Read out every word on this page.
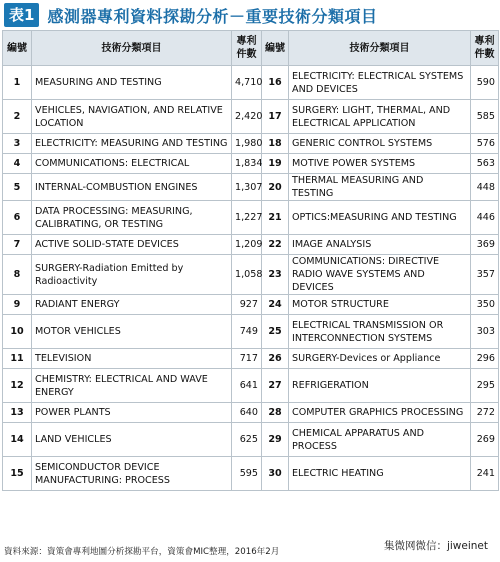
表1 感測器專利資料探勘分析－重要技術分類項目
編號	技術分類項目	專利件數	編號	技術分類項目	專利件數
1	MEASURING AND TESTING	4,710	16	ELECTRICITY: ELECTRICAL SYSTEMS AND DEVICES	590
2	VEHICLES, NAVIGATION, AND RELATIVE LOCATION	2,420	17	SURGERY: LIGHT, THERMAL, AND ELECTRICAL APPLICATION	585
3	ELECTRICITY: MEASURING AND TESTING	1,980	18	GENERIC CONTROL SYSTEMS	576
4	COMMUNICATIONS: ELECTRICAL	1,834	19	MOTIVE POWER SYSTEMS	563
5	INTERNAL-COMBUSTION ENGINES	1,307	20	THERMAL MEASURING AND TESTING	448
6	DATA PROCESSING: MEASURING, CALIBRATING, OR TESTING	1,227	21	OPTICS:MEASURING AND TESTING	446
7	ACTIVE SOLID-STATE DEVICES	1,209	22	IMAGE ANALYSIS	369
8	SURGERY-Radiation Emitted by Radioactivity	1,058	23	COMMUNICATIONS: DIRECTIVE RADIO WAVE SYSTEMS AND DEVICES	357
9	RADIANT ENERGY	927	24	MOTOR STRUCTURE	350
10	MOTOR VEHICLES	749	25	ELECTRICAL TRANSMISSION OR INTERCONNECTION SYSTEMS	303
11	TELEVISION	717	26	SURGERY-Devices or Appliance	296
12	CHEMISTRY: ELECTRICAL AND WAVE ENERGY	641	27	REFRIGERATION	295
13	POWER PLANTS	640	28	COMPUTER GRAPHICS PROCESSING	272
14	LAND VEHICLES	625	29	CHEMICAL APPARATUS AND PROCESS	269
15	SEMICONDUCTOR DEVICE MANUFACTURING: PROCESS	595	30	ELECTRIC HEATING	241
資料來源：資策會專利地圖分析探勘平台，資策會MIC整理，2016年2月	集微网微信：jiweinet
